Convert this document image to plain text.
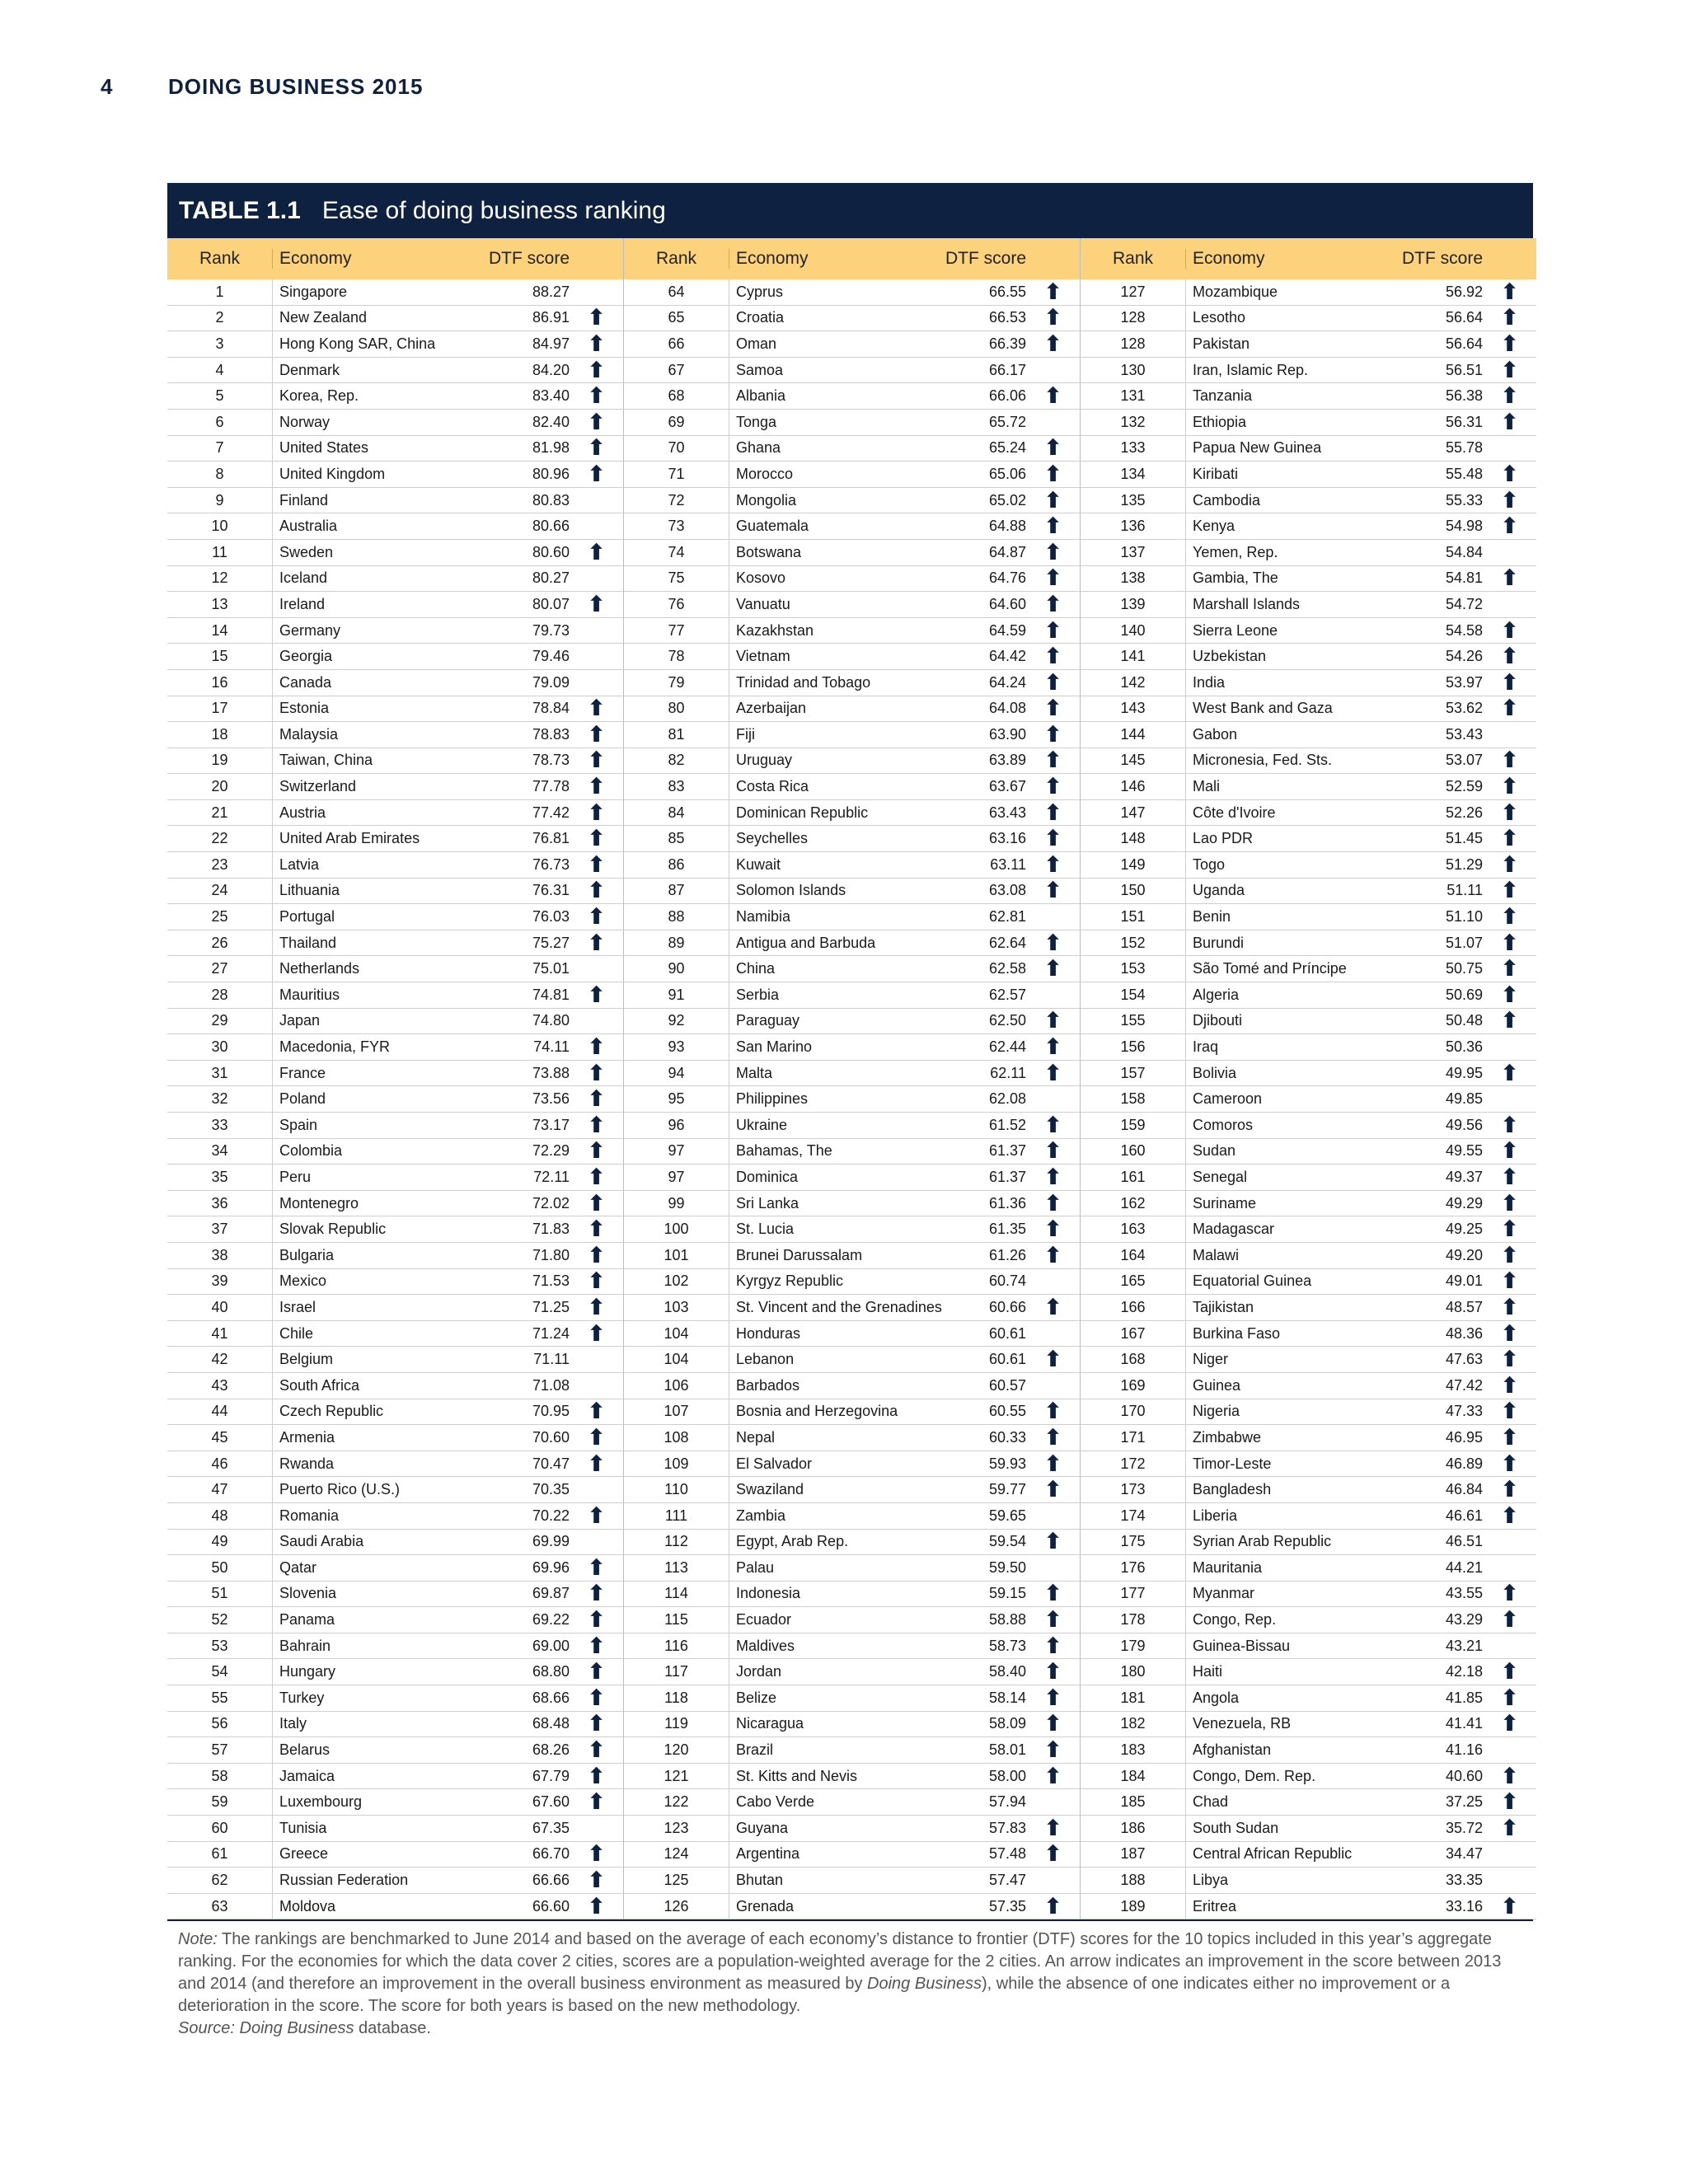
4	DOING BUSINESS 2015
TABLE 1.1 Ease of doing business ranking
Rank	Economy	DTF score
1	Singapore	88.27
2	New Zealand	86.91 ⬆
3	Hong Kong SAR, China	84.97 ⬆
4	Denmark	84.20 ⬆
5	Korea, Rep.	83.40 ⬆
6	Norway	82.40 ⬆
7	United States	81.98 ⬆
8	United Kingdom	80.96 ⬆
9	Finland	80.83
10	Australia	80.66
11	Sweden	80.60 ⬆
12	Iceland	80.27
13	Ireland	80.07 ⬆
14	Germany	79.73
15	Georgia	79.46
16	Canada	79.09
17	Estonia	78.84 ⬆
18	Malaysia	78.83 ⬆
19	Taiwan, China	78.73 ⬆
20	Switzerland	77.78 ⬆
21	Austria	77.42 ⬆
22	United Arab Emirates	76.81 ⬆
23	Latvia	76.73 ⬆
24	Lithuania	76.31 ⬆
25	Portugal	76.03 ⬆
26	Thailand	75.27 ⬆
27	Netherlands	75.01
28	Mauritius	74.81 ⬆
29	Japan	74.80
30	Macedonia, FYR	74.11 ⬆
31	France	73.88 ⬆
32	Poland	73.56 ⬆
33	Spain	73.17 ⬆
34	Colombia	72.29 ⬆
35	Peru	72.11 ⬆
36	Montenegro	72.02 ⬆
37	Slovak Republic	71.83 ⬆
38	Bulgaria	71.80 ⬆
39	Mexico	71.53 ⬆
40	Israel	71.25 ⬆
41	Chile	71.24 ⬆
42	Belgium	71.11
43	South Africa	71.08
44	Czech Republic	70.95 ⬆
45	Armenia	70.60 ⬆
46	Rwanda	70.47 ⬆
47	Puerto Rico (U.S.)	70.35
48	Romania	70.22 ⬆
49	Saudi Arabia	69.99
50	Qatar	69.96 ⬆
51	Slovenia	69.87 ⬆
52	Panama	69.22 ⬆
53	Bahrain	69.00 ⬆
54	Hungary	68.80 ⬆
55	Turkey	68.66 ⬆
56	Italy	68.48 ⬆
57	Belarus	68.26 ⬆
58	Jamaica	67.79 ⬆
59	Luxembourg	67.60 ⬆
60	Tunisia	67.35
61	Greece	66.70 ⬆
62	Russian Federation	66.66 ⬆
63	Moldova	66.60 ⬆
Rank	Economy	DTF score
64	Cyprus	66.55 ⬆
65	Croatia	66.53 ⬆
66	Oman	66.39 ⬆
67	Samoa	66.17
68	Albania	66.06 ⬆
69	Tonga	65.72
70	Ghana	65.24 ⬆
71	Morocco	65.06 ⬆
72	Mongolia	65.02 ⬆
73	Guatemala	64.88 ⬆
74	Botswana	64.87 ⬆
75	Kosovo	64.76 ⬆
76	Vanuatu	64.60 ⬆
77	Kazakhstan	64.59 ⬆
78	Vietnam	64.42 ⬆
79	Trinidad and Tobago	64.24 ⬆
80	Azerbaijan	64.08 ⬆
81	Fiji	63.90 ⬆
82	Uruguay	63.89 ⬆
83	Costa Rica	63.67 ⬆
84	Dominican Republic	63.43 ⬆
85	Seychelles	63.16 ⬆
86	Kuwait	63.11 ⬆
87	Solomon Islands	63.08 ⬆
88	Namibia	62.81
89	Antigua and Barbuda	62.64 ⬆
90	China	62.58 ⬆
91	Serbia	62.57
92	Paraguay	62.50 ⬆
93	San Marino	62.44 ⬆
94	Malta	62.11 ⬆
95	Philippines	62.08
96	Ukraine	61.52 ⬆
97	Bahamas, The	61.37 ⬆
97	Dominica	61.37 ⬆
99	Sri Lanka	61.36 ⬆
100	St. Lucia	61.35 ⬆
101	Brunei Darussalam	61.26 ⬆
102	Kyrgyz Republic	60.74
103	St. Vincent and the Grenadines	60.66 ⬆
104	Honduras	60.61
104	Lebanon	60.61 ⬆
106	Barbados	60.57
107	Bosnia and Herzegovina	60.55 ⬆
108	Nepal	60.33 ⬆
109	El Salvador	59.93 ⬆
110	Swaziland	59.77 ⬆
111	Zambia	59.65
112	Egypt, Arab Rep.	59.54 ⬆
113	Palau	59.50
114	Indonesia	59.15 ⬆
115	Ecuador	58.88 ⬆
116	Maldives	58.73 ⬆
117	Jordan	58.40 ⬆
118	Belize	58.14 ⬆
119	Nicaragua	58.09 ⬆
120	Brazil	58.01 ⬆
121	St. Kitts and Nevis	58.00 ⬆
122	Cabo Verde	57.94
123	Guyana	57.83 ⬆
124	Argentina	57.48 ⬆
125	Bhutan	57.47
126	Grenada	57.35 ⬆
Rank	Economy	DTF score
127	Mozambique	56.92 ⬆
128	Lesotho	56.64 ⬆
128	Pakistan	56.64 ⬆
130	Iran, Islamic Rep.	56.51 ⬆
131	Tanzania	56.38 ⬆
132	Ethiopia	56.31 ⬆
133	Papua New Guinea	55.78
134	Kiribati	55.48 ⬆
135	Cambodia	55.33 ⬆
136	Kenya	54.98 ⬆
137	Yemen, Rep.	54.84
138	Gambia, The	54.81 ⬆
139	Marshall Islands	54.72
140	Sierra Leone	54.58 ⬆
141	Uzbekistan	54.26 ⬆
142	India	53.97 ⬆
143	West Bank and Gaza	53.62 ⬆
144	Gabon	53.43
145	Micronesia, Fed. Sts.	53.07 ⬆
146	Mali	52.59 ⬆
147	Côte d'Ivoire	52.26 ⬆
148	Lao PDR	51.45 ⬆
149	Togo	51.29 ⬆
150	Uganda	51.11 ⬆
151	Benin	51.10 ⬆
152	Burundi	51.07 ⬆
153	São Tomé and Príncipe	50.75 ⬆
154	Algeria	50.69 ⬆
155	Djibouti	50.48 ⬆
156	Iraq	50.36
157	Bolivia	49.95 ⬆
158	Cameroon	49.85
159	Comoros	49.56 ⬆
160	Sudan	49.55 ⬆
161	Senegal	49.37 ⬆
162	Suriname	49.29 ⬆
163	Madagascar	49.25 ⬆
164	Malawi	49.20 ⬆
165	Equatorial Guinea	49.01 ⬆
166	Tajikistan	48.57 ⬆
167	Burkina Faso	48.36 ⬆
168	Niger	47.63 ⬆
169	Guinea	47.42 ⬆
170	Nigeria	47.33 ⬆
171	Zimbabwe	46.95 ⬆
172	Timor-Leste	46.89 ⬆
173	Bangladesh	46.84 ⬆
174	Liberia	46.61 ⬆
175	Syrian Arab Republic	46.51
176	Mauritania	44.21
177	Myanmar	43.55 ⬆
178	Congo, Rep.	43.29 ⬆
179	Guinea-Bissau	43.21
180	Haiti	42.18 ⬆
181	Angola	41.85 ⬆
182	Venezuela, RB	41.41 ⬆
183	Afghanistan	41.16
184	Congo, Dem. Rep.	40.60 ⬆
185	Chad	37.25 ⬆
186	South Sudan	35.72 ⬆
187	Central African Republic	34.47
188	Libya	33.35
189	Eritrea	33.16 ⬆

Note: The rankings are benchmarked to June 2014 and based on the average of each economy’s distance to frontier (DTF) scores for the 10 topics included in this year’s aggregate ranking. For the economies for which the data cover 2 cities, scores are a population-weighted average for the 2 cities. An arrow indicates an improvement in the score between 2013 and 2014 (and therefore an improvement in the overall business environment as measured by Doing Business), while the absence of one indicates either no improvement or a deterioration in the score. The score for both years is based on the new methodology.

Source: Doing Business database.
